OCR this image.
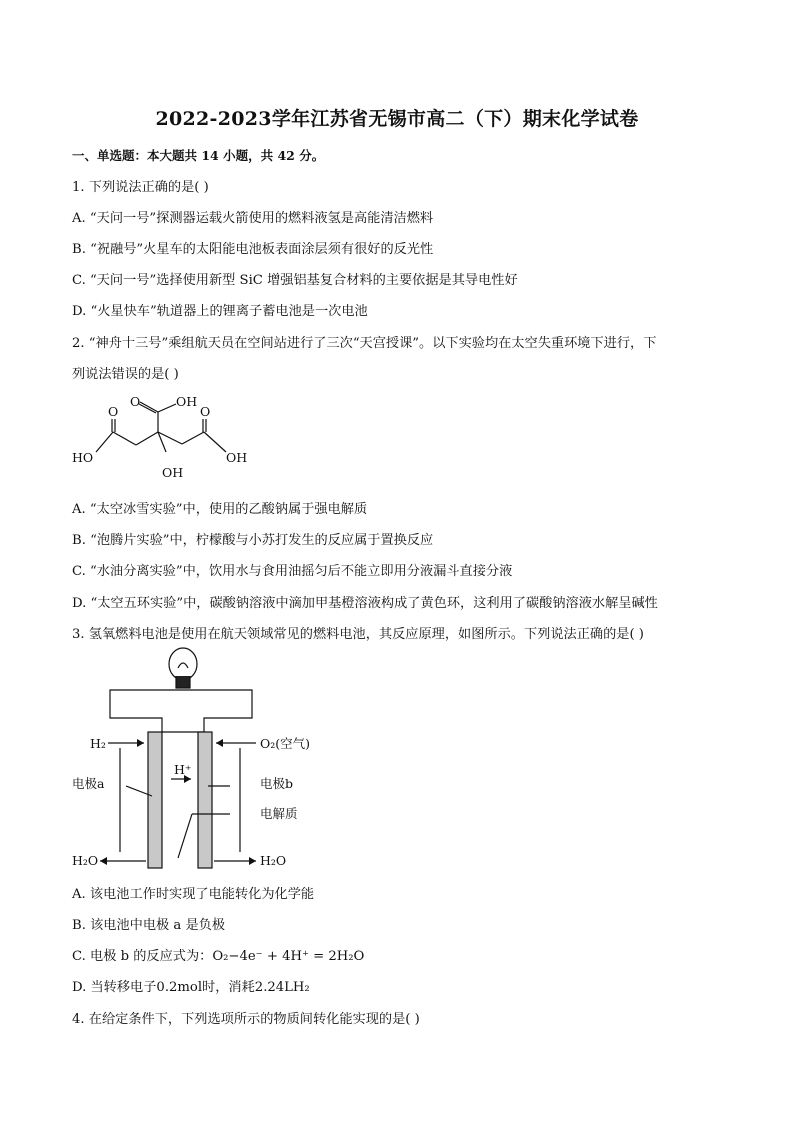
2022-2023学年江苏省无锡市高二（下）期末化学试卷
一、单选题：本大题共 14 小题，共 42 分。
1. 下列说法正确的是( )
A. “天问一号”探测器运载火箭使用的燃料液氢是高能清洁燃料
B. “祝融号”火星车的太阳能电池板表面涂层须有很好的反光性
C. “天问一号”选择使用新型 SiC 增强铝基复合材料的主要依据是其导电性好
D. “火星快车”轨道器上的锂离子蓄电池是一次电池
2. “神舟十三号”乘组航天员在空间站进行了三次“天宫授课”。以下实验均在太空失重环境下进行，下
列说法错误的是( )
O
O	OH
O
HO
OH
OH
A. “太空冰雪实验”中，使用的乙酸钠属于强电解质
B. “泡腾片实验”中，柠檬酸与小苏打发生的反应属于置换反应
C. “水油分离实验”中，饮用水与食用油摇匀后不能立即用分液漏斗直接分液
D. “太空五环实验”中，碳酸钠溶液中滴加甲基橙溶液构成了黄色环，这利用了碳酸钠溶液水解呈碱性
3. 氢氧燃料电池是使用在航天领域常见的燃料电池，其反应原理，如图所示。下列说法正确的是( )
H₂	O₂(空气)
H⁺
电极a	电极b
电解质
H₂O	H₂O
A. 该电池工作时实现了电能转化为化学能
B. 该电池中电极 a 是负极
C. 电极 b 的反应式为：O₂−4e⁻ + 4H⁺ = 2H₂O
D. 当转移电子0.2mol时，消耗2.24LH₂
4. 在给定条件下，下列选项所示的物质间转化能实现的是( )
